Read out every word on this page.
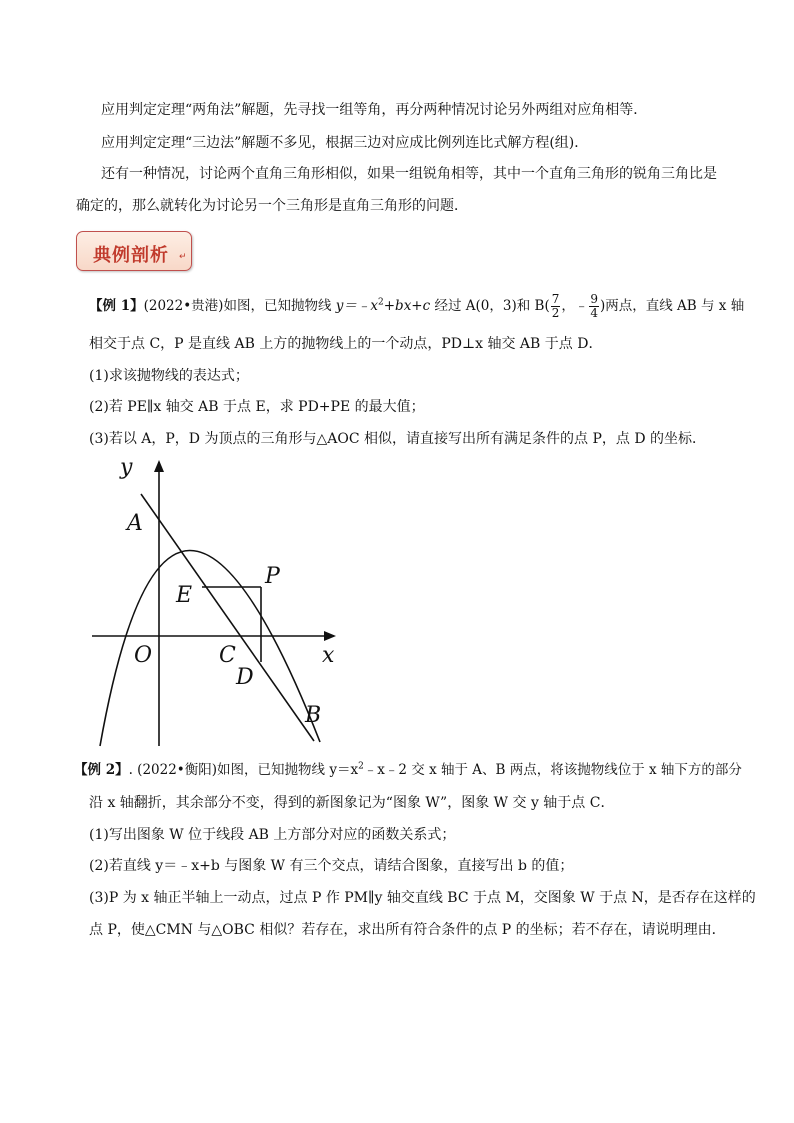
应用判定定理“两角法”解题，先寻找一组等角，再分两种情况讨论另外两组对应角相等．
应用判定定理“三边法”解题不多见，根据三边对应成比例列连比式解方程(组)．
还有一种情况，讨论两个直角三角形相似，如果一组锐角相等，其中一个直角三角形的锐角三角比是
确定的，那么就转化为讨论另一个三角形是直角三角形的问题．
典例剖析 ↵
【例 1】(2022•贵港)如图，已知抛物线 $y=﹣x^2+bx+c$ 经过 A(0，3)和 $B( \frac{7}{2}$ ，﹣ $\frac{9}{4}$ )两点，直线 AB 与 x 轴
相交于点 C，P 是直线 AB 上方的抛物线上的一个动点，PD⊥x 轴交 AB 于点 D．
(1)求该抛物线的表达式；
(2)若 PE∥x 轴交 AB 于点 E，求 PD+PE 的最大值；
(3)若以 A，P，D 为顶点的三角形与△AOC 相似，请直接写出所有满足条件的点 P，点 D 的坐标．
y
x
A
O
E
P
C
D
B
【例 2】. (2022•衡阳)如图，已知抛物线 $y=x^2﹣x﹣2$ 交 x 轴于 A、B 两点，将该抛物线位于 x 轴下方的部分
沿 x 轴翻折，其余部分不变，得到的新图象记为“图象 W”，图象 W 交 y 轴于点 C．
(1)写出图象 W 位于线段 AB 上方部分对应的函数关系式；
(2)若直线 y＝﹣x+b 与图象 W 有三个交点，请结合图象，直接写出 b 的值；
(3)P 为 x 轴正半轴上一动点，过点 P 作 PM∥y 轴交直线 BC 于点 M，交图象 W 于点 N，是否存在这样的
点 P，使△CMN 与△OBC 相似？若存在，求出所有符合条件的点 P 的坐标；若不存在，请说明理由．
